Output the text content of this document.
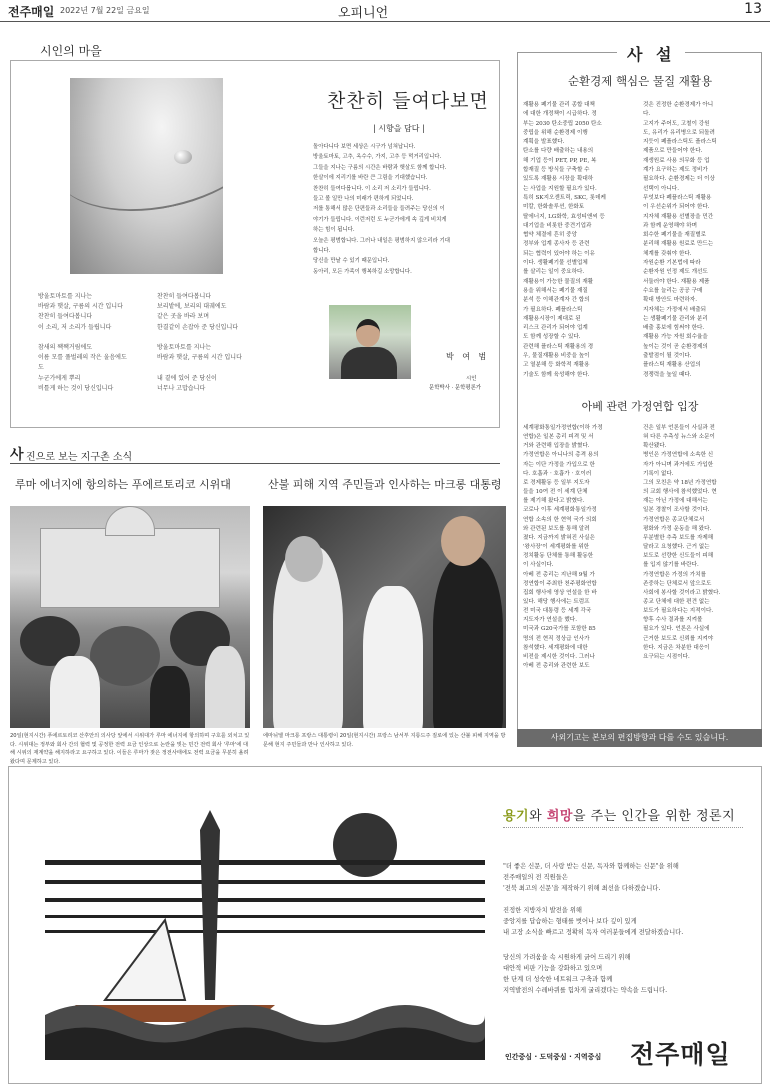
전주매일 2022년 7월 22일 금요일	오피니언	13
시인의 마을
찬찬히 들여다보면
| 시향을 담다 |
돌아다니다 보면 세상은 시구가 넘쳐납니다.
방울토마토, 고추, 옥수수, 가지, 고추 등 먹거리입니다.
그들을 지나는 구름의 시간은 바람과 햇살도 함께 합니다.
한살이에 지리기를 바란 큰 그림을 기대했습니다.
찬찬히 들여다봅니다. 이 소리 저 소리가 들립니다.
들고 볼 일만 나의 미래가 편하게 되었니다.
저를 통해서 많은 단편들과 소리들을 들려주는 당신의 이
야기가 들립니다. 이런저런 도 누군가에게 속 깊게 비치게
하는 힘이 됩니다.
오늘은 평범합니다. 그러나 내일은 평범하지 않으리라 기대
합니다.
당신을 만날 수 있기 때문입니다.
동아리, 모든 가족이 행복하길 소망합니다.
방울토마토를 지나는
바람과 햇살, 구름의 시간 입니다
찬찬히 들여다봅니다
이 소리, 저 소리가 들립니다

참새의 짹짹거림에도
이름 모를 풀벌레의 작은 울음에도
도
누군가에게 뿌리
비틀게 하는 것이 당신입니다
찬찬히 들여다봅니다
보리밭에, 보리의 대궤에도
같은 곳을 바라 보며
한결같이 손잡아 준 당신입니다

방울토마토를 지나는
바람과 햇살, 구름의 시간 입니다

내 곁에 있어 준 당신이
너무나 고맙습니다
박 여 범
시인
문학박사 · 문학평론가
사 진으로 보는 지구촌 소식
루마 에너지에 항의하는 푸에르토리코 시위대	산불 피해 지역 주민들과 인사하는 마크롱 대통령
20일(현지시간) 푸에르토리코 산후안의 의사당 앞에서 시위대가 루마 에너지에 항의하며 구호를 외치고 있다. 시위대는 정부와 회사 간의 협력 및 공정한 전력 요금 인상으로 논란을 빚는 민간 전력 회사 '루마'에 대해 시위의 재계약을 해지하라고 요구하고 있다. 이들은 루마가 잦은 정전사태에도 전력 요금을 무분히 올려왔다며 문제하고 있다.
에마뉘엘 마크롱 프랑스 대통령이 20일(현지시간) 프랑스 남서부 지롱드주 질로에 있는 산불 피해 지역을 방문해 현지 주민들과 만나 인사하고 있다.
사 설
순환경제 핵심은 물질 재활용
재활용 폐기물 관리 종합 대책
에 대한 개정책이 시급하다. 정
부는 2030 탄소중립 2050 탄소
중립을 위해 순환경제 이행
계획을 발표했다.
탄소를 다량 배출하는 내용의
해 기업 등이 PET, PP, PE, 복
합재질 등 방식들 구축할 수
있도록 재활용 시장을 확대하
는 사업을 지원할 필요가 있다.
특히 SK지오센트릭, SKC, 롯데케
미칼, 한화솔루션, 한화토
탈에너지, LG화학, 효성티앤씨 등
대기업을 비롯한 중견기업과
협약 체결에 흔히 중앙
정부와 업계 종사자 등 관련
되는 협력이 있어야 하는 이유
이다. 생활폐기물 선별업체
를 살리는 일이 중요하다.
재활용이 가능한 물질의 재활
용을 위해서는 폐기물 재질
분석 등 이해관계자 간 합의
가 필요하다. 폐플라스틱
재활용시장이 제대로 된
리스크 관리가 되어야 업계
도 함께 성장할 수 있다.
관련해 플라스틱 재활용의 경
우, 물질재활용 비중을 높이
고 열분해 등 화학적 재활용
기술도 함께 육성해야 한다.
것은 진정한 순환경제가 아니
다.
고지가 주어도, 고철이 강원
도, 유리가 유리병으로 되돌려
지듯이 폐플라스틱도 플라스틱
제품으로 만들어야 한다.
재생원료 사용 의무화 등 업
계가 요구하는 제도 정비가
필요하다. 순환경제는 더 이상
선택이 아니다.
무엇보다 폐플라스틱 재활용
이 우선순위가 되어야 한다.
지자체 재활용 선별장을 민간
과 함께 운영해야 하며
회수한 폐기물을 재질별로
분리해 재활용 원료로 만드는
체계를 갖춰야 한다.
자원순환 기본법에 따라
순환자원 인정 제도 개선도
서둘러야 한다. 재활용 제품
수요를 늘리는 공공 구매
확대 방안도 마련하자.
지자체는 가정에서 배출되
는 생활폐기물 관리와 분리
배출 홍보에 힘써야 한다.
재활용 가능 자원 회수율을
높이는 것이 곧 순환경제의
출발점이 될 것이다.
플라스틱 재활용 산업의
경쟁력을 높일 때다.
아베 관련 가정연합 입장
세계평화통일가정연합(이하 가정
연합)은 일본 총리 피격 및 서
거와 관련해 입장을 밝혔다.
가정연합은 아니나의 총격 용의
자는 이단 가정을 가입으로 한
다. 호흡과 · 호흡가 · 호이러
로 경제활동 등 일부 지도자
들을 10여 전 이 세계 단체
를 제기해 왔다고 밝혔다.
코로나 이후 세계평화통일가정
연합 소속의 한 현역 국가 의회
와 관련된 보도를 통해 알려
졌다. 지금까지 밝혀진 사실은
'왕사장'이 세계평화를 위한
정치활동 단체를 통해 활동한
이 사실이다.
아베 전 총리는 지난해 9월 가
정연합이 주최한 천주평화연합
집회 행사에 영상 연설을 한 바
있다. 해당 행사에는 트럼프
전 미국 대통령 등 세계 각국
지도자가 연설을 했다.
미국과 G20국가를 포함한 85
명의 전 현직 정상급 인사가
참석했다. 세계평화에 대한
비전을 제시한 것이다. 그러나
아베 전 총리와 관련한 보도
건은 일부 언론들이 사실과 전
혀 다른 추측성 뉴스와 소문이
확산됐다.
병인은 가정연합에 소속한 신
자가 아니며 과거에도 가입한
기록이 없다.
그의 모친은 약 18년 가정연합
의 교회 행사에 참석했었다. 현
재는 아닌 가정에 대해서는
일본 경찰이 조사할 것이다.
가정연합은 종교단체로서
평화와 가정 운동을 해 왔다.
무분별한 추측 보도를 자제해
달라고 요청했다. 근거 없는
보도로 선량한 신도들이 피해
를 입지 않기를 바란다.
가정연합은 가정의 가치를
존중하는 단체로서 앞으로도
사회에 봉사할 것이라고 밝혔다.
종교 단체에 대한 편견 없는
보도가 필요하다는 지적이다.
향후 수사 결과를 지켜볼
필요가 있다. 언론은 사실에
근거한 보도로 신뢰를 지켜야
한다. 지금은 차분한 대응이
요구되는 시점이다.
사외기고는 본보의 편집방향과 다를 수도 있습니다.
용기와 희망을 주는 인간을 위한 정론지
"더 좋은 신문, 더 사랑 받는 신문, 독자와 함께하는 신문"을 위해
전주매일의 전 직원들은
'전북 최고의 신문'을 제작하기 위해 최선을 다하겠습니다.
진정한 지방자치 발전을 위해
중앙지를 답습하는 형태를 벗어나 보다 깊이 있게
내 고장 소식을 빠르고 정확히 독자 여러분들에게 전달하겠습니다.
당신의 가려움을 속 시원하게 긁어 드리기 위해
대안적 비판 기능을 강화하고 있으며
한 단계 더 성숙한 네트워크 구축과 함께
지역발전의 수레바퀴를 힘차게 굴리겠다는 약속을 드립니다.
인간중심 · 도덕중심 · 지역중심 전주매일
